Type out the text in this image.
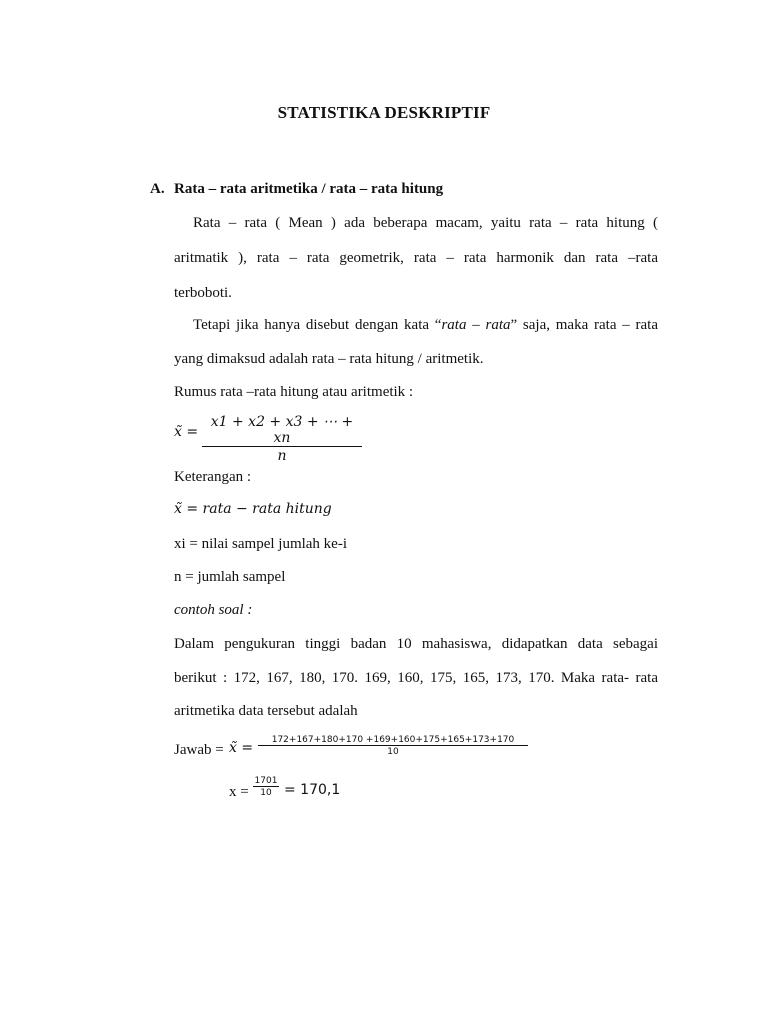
STATISTIKA DESKRIPTIF
A. Rata – rata aritmetika / rata – rata hitung
Rata – rata ( Mean ) ada beberapa macam, yaitu rata – rata hitung (
aritmatik ), rata – rata geometrik, rata – rata harmonik dan rata –rata
terboboti.
Tetapi jika hanya disebut dengan kata “rata – rata” saja, maka rata – rata
yang dimaksud adalah rata – rata hitung / aritmetik.
Rumus rata –rata hitung atau aritmetik :
x̃ = $\frac{x1 + x2 + x3 + \cdots + xn}{n}$
Keterangan :
x̃ = rata − rata hitung
xi = nilai sampel jumlah ke-i
n = jumlah sampel
contoh soal :
Dalam pengukuran tinggi badan 10 mahasiswa, didapatkan data sebagai
berikut : 172, 167, 180, 170. 169, 160, 175, 165, 173, 170. Maka rata- rata
aritmetika data tersebut adalah
Jawab = x̃ = $\frac{172+167+180+170 +169+160+175+165+173+170}{10}$
$x = \frac{1701}{10} = 170,1$
